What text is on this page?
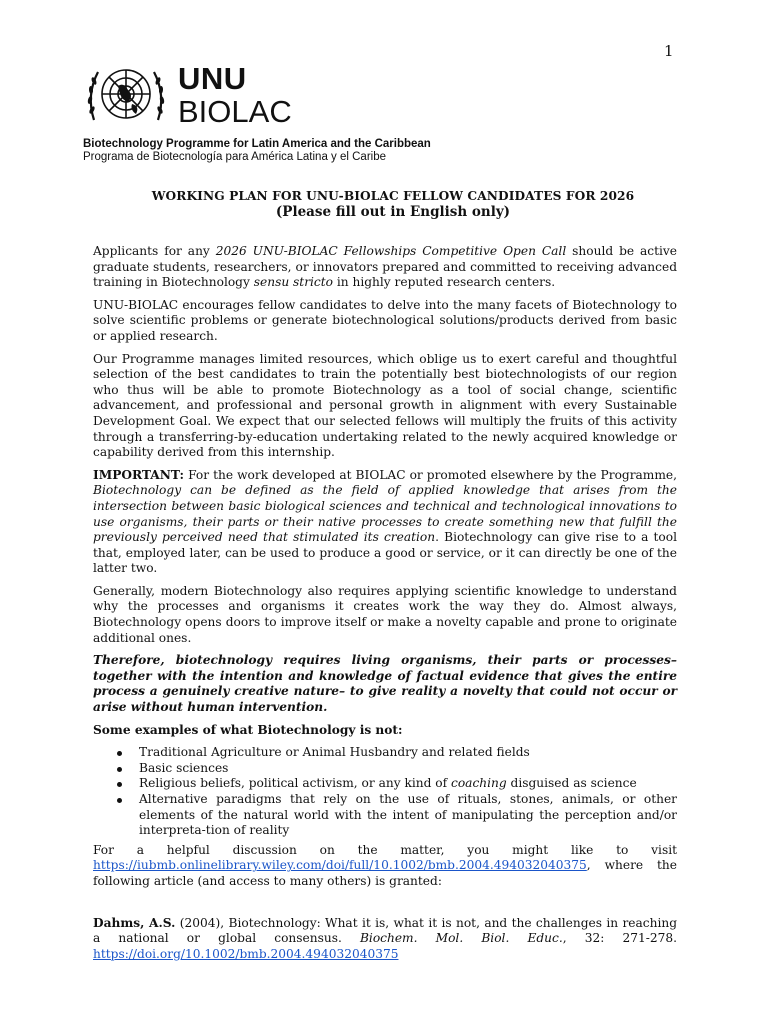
1
UNU
BIOLAC
Biotechnology Programme for Latin America and the Caribbean
Programa de Biotecnología para América Latina y el Caribe
WORKING PLAN FOR UNU-BIOLAC FELLOW CANDIDATES FOR 2026
(Please fill out in English only)

Applicants for any 2026 UNU-BIOLAC Fellowships Competitive Open Call should be active graduate students, researchers, or innovators prepared and committed to receiving advanced training in Biotechnology sensu stricto in highly reputed research centers.

UNU-BIOLAC encourages fellow candidates to delve into the many facets of Biotechnology to solve scientific problems or generate biotechnological solutions/products derived from basic or applied research.

Our Programme manages limited resources, which oblige us to exert careful and thoughtful selection of the best candidates to train the potentially best biotechnologists of our region who thus will be able to promote Biotechnology as a tool of social change, scientific advancement, and professional and personal growth in alignment with every Sustainable Development Goal. We expect that our selected fellows will multiply the fruits of this activity through a transferring-by-education undertaking related to the newly acquired knowledge or capability derived from this internship.

IMPORTANT: For the work developed at BIOLAC or promoted elsewhere by the Programme, Biotechnology can be defined as the field of applied knowledge that arises from the intersection between basic biological sciences and technical and technological innovations to use organisms, their parts or their native processes to create something new that fulfill the previously perceived need that stimulated its creation. Biotechnology can give rise to a tool that, employed later, can be used to produce a good or service, or it can directly be one of the latter two.

Generally, modern Biotechnology also requires applying scientific knowledge to understand why the processes and organisms it creates work the way they do. Almost always, Biotechnology opens doors to improve itself or make a novelty capable and prone to originate additional ones.

Therefore, biotechnology requires living organisms, their parts or processes– together with the intention and knowledge of factual evidence that gives the entire process a genuinely creative nature– to give reality a novelty that could not occur or arise without human intervention.

Some examples of what Biotechnology is not:

Traditional Agriculture or Animal Husbandry and related fields
Basic sciences
Religious beliefs, political activism, or any kind of coaching disguised as science
Alternative paradigms that rely on the use of rituals, stones, animals, or other elements of the natural world with the intent of manipulating the perception and/or interpreta-tion of reality

For a helpful discussion on the matter, you might like to visit https://iubmb.onlinelibrary.wiley.com/doi/full/10.1002/bmb.2004.494032040375, where the following article (and access to many others) is granted:

Dahms, A.S. (2004), Biotechnology: What it is, what it is not, and the challenges in reaching a national or global consensus. Biochem. Mol. Biol. Educ., 32: 271-278. https://doi.org/10.1002/bmb.2004.494032040375
